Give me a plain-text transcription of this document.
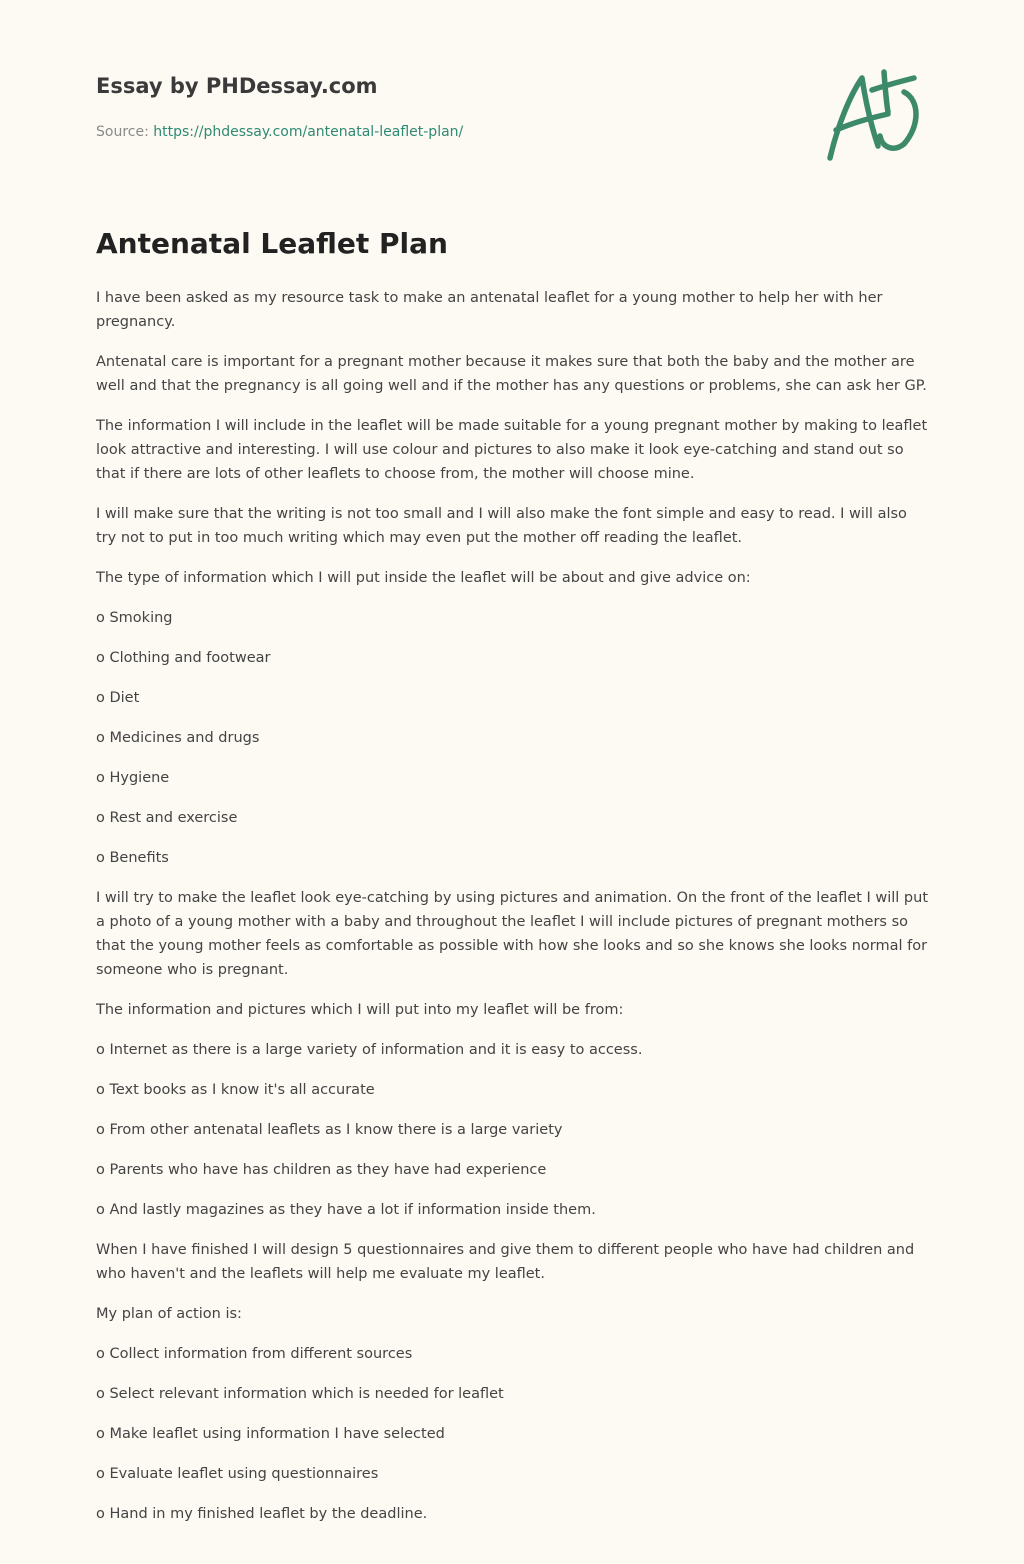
Essay by PHDessay.com
Source: https://phdessay.com/antenatal-leaflet-plan/
Antenatal Leaflet Plan

I have been asked as my resource task to make an antenatal leaflet for a young mother to help her with her pregnancy.

Antenatal care is important for a pregnant mother because it makes sure that both the baby and the mother are well and that the pregnancy is all going well and if the mother has any questions or problems, she can ask her GP.

The information I will include in the leaflet will be made suitable for a young pregnant mother by making to leaflet look attractive and interesting. I will use colour and pictures to also make it look eye-catching and stand out so that if there are lots of other leaflets to choose from, the mother will choose mine.

I will make sure that the writing is not too small and I will also make the font simple and easy to read. I will also try not to put in too much writing which may even put the mother off reading the leaflet.

The type of information which I will put inside the leaflet will be about and give advice on:

o Smoking

o Clothing and footwear

o Diet

o Medicines and drugs

o Hygiene

o Rest and exercise

o Benefits

I will try to make the leaflet look eye-catching by using pictures and animation. On the front of the leaflet I will put a photo of a young mother with a baby and throughout the leaflet I will include pictures of pregnant mothers so that the young mother feels as comfortable as possible with how she looks and so she knows she looks normal for someone who is pregnant.

The information and pictures which I will put into my leaflet will be from:

o Internet as there is a large variety of information and it is easy to access.

o Text books as I know it's all accurate

o From other antenatal leaflets as I know there is a large variety

o Parents who have has children as they have had experience

o And lastly magazines as they have a lot if information inside them.

When I have finished I will design 5 questionnaires and give them to different people who have had children and who haven't and the leaflets will help me evaluate my leaflet.

My plan of action is:

o Collect information from different sources

o Select relevant information which is needed for leaflet

o Make leaflet using information I have selected

o Evaluate leaflet using questionnaires

o Hand in my finished leaflet by the deadline.
